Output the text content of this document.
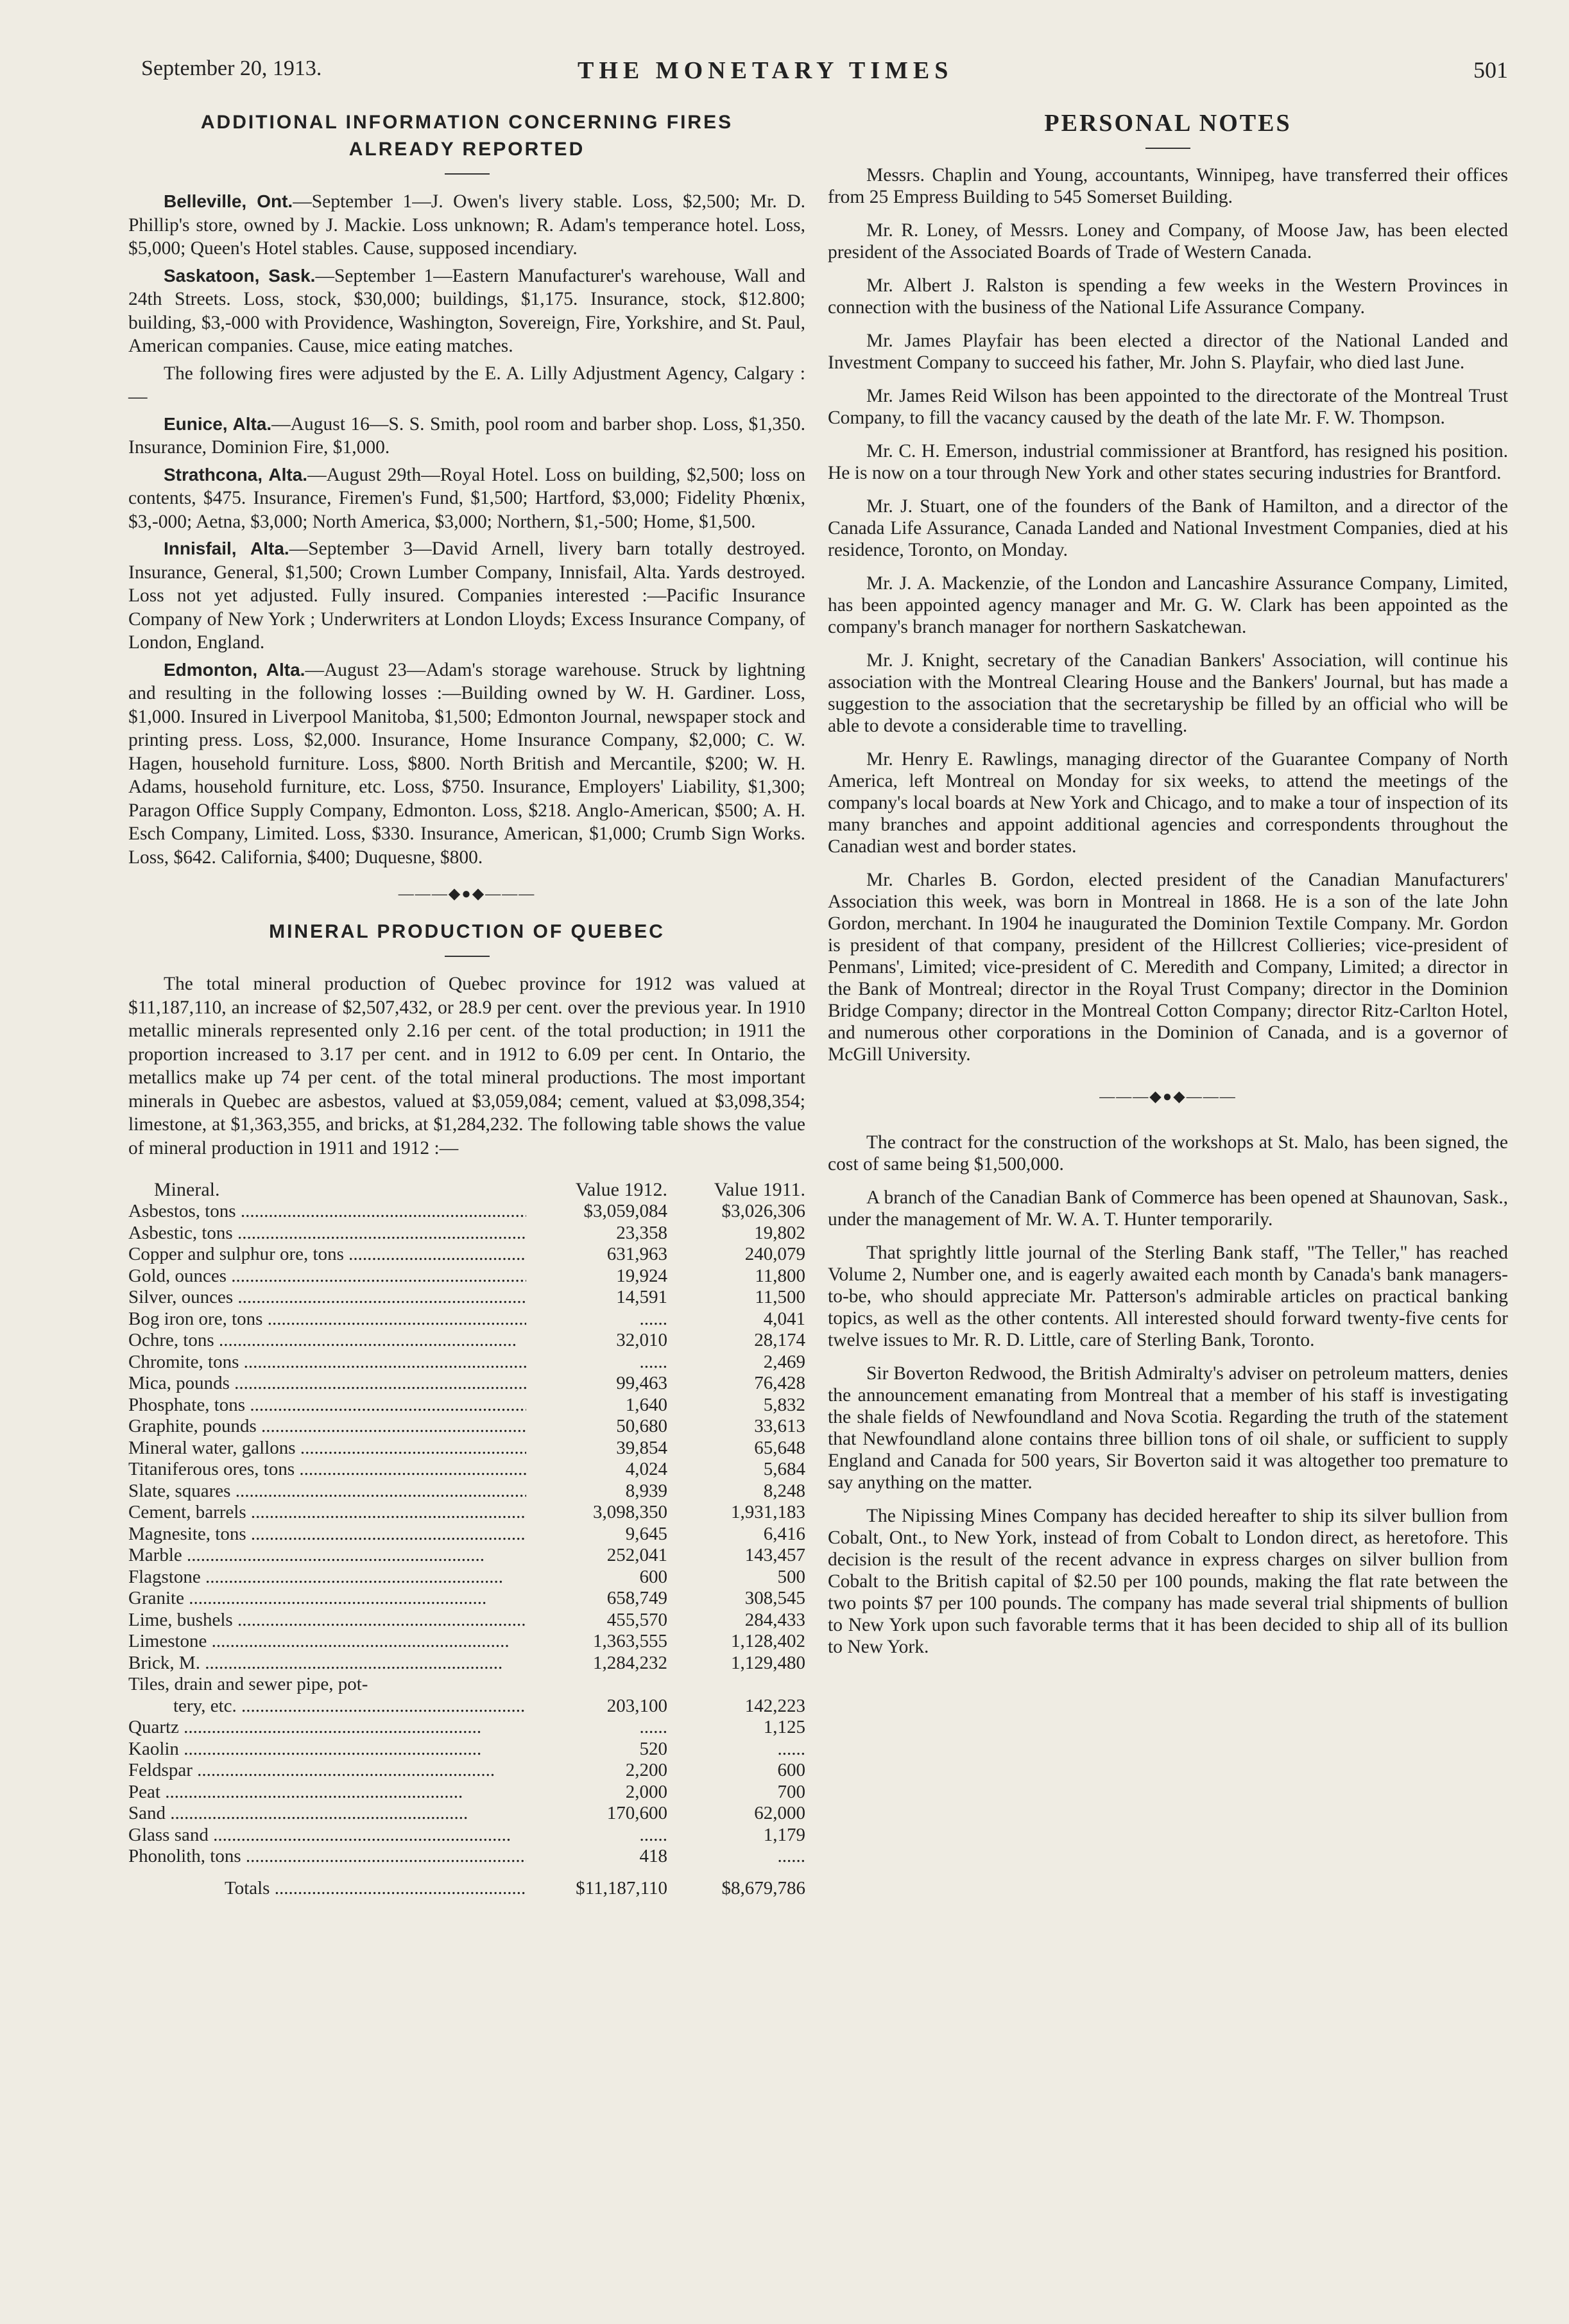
September 20, 1913.	THE MONETARY TIMES	501
ADDITIONAL INFORMATION CONCERNING FIRES
ALREADY REPORTED

Belleville, Ont.—September 1—J. Owen's livery stable. Loss, $2,500; Mr. D. Phillip's store, owned by J. Mackie. Loss unknown; R. Adam's temperance hotel. Loss, $5,000; Queen's Hotel stables. Cause, supposed incendiary.

Saskatoon, Sask.—September 1—Eastern Manufacturer's warehouse, Wall and 24th Streets. Loss, stock, $30,000; buildings, $1,175. Insurance, stock, $12.800; building, $3,-000 with Providence, Washington, Sovereign, Fire, Yorkshire, and St. Paul, American companies. Cause, mice eating matches.

The following fires were adjusted by the E. A. Lilly Adjustment Agency, Calgary :—

Eunice, Alta.—August 16—S. S. Smith, pool room and barber shop. Loss, $1,350. Insurance, Dominion Fire, $1,000.

Strathcona, Alta.—August 29th—Royal Hotel. Loss on building, $2,500; loss on contents, $475. Insurance, Firemen's Fund, $1,500; Hartford, $3,000; Fidelity Phœnix, $3,-000; Aetna, $3,000; North America, $3,000; Northern, $1,-500; Home, $1,500.

Innisfail, Alta.—September 3—David Arnell, livery barn totally destroyed. Insurance, General, $1,500; Crown Lumber Company, Innisfail, Alta. Yards destroyed. Loss not yet adjusted. Fully insured. Companies interested :—Pacific Insurance Company of New York ; Underwriters at London Lloyds; Excess Insurance Company, of London, England.

Edmonton, Alta.—August 23—Adam's storage warehouse. Struck by lightning and resulting in the following losses :—Building owned by W. H. Gardiner. Loss, $1,000. Insured in Liverpool Manitoba, $1,500; Edmonton Journal, newspaper stock and printing press. Loss, $2,000. Insurance, Home Insurance Company, $2,000; C. W. Hagen, household furniture. Loss, $800. North British and Mercantile, $200; W. H. Adams, household furniture, etc. Loss, $750. Insurance, Employers' Liability, $1,300; Paragon Office Supply Company, Edmonton. Loss, $218. Anglo-American, $500; A. H. Esch Company, Limited. Loss, $330. Insurance, American, $1,000; Crumb Sign Works. Loss, $642. California, $400; Duquesne, $800.

———◆●◆———
MINERAL PRODUCTION OF QUEBEC

The total mineral production of Quebec province for 1912 was valued at $11,187,110, an increase of $2,507,432, or 28.9 per cent. over the previous year. In 1910 metallic minerals represented only 2.16 per cent. of the total production; in 1911 the proportion increased to 3.17 per cent. and in 1912 to 6.09 per cent. In Ontario, the metallics make up 74 per cent. of the total mineral productions. The most important minerals in Quebec are asbestos, valued at $3,059,084; cement, valued at $3,098,354; limestone, at $1,363,355, and bricks, at $1,284,232. The following table shows the value of mineral production in 1911 and 1912 :—

Mineral.	Value 1912.	Value 1911.
Asbestos, tons .....	$3,059,084	$3,026,306
Asbestic, tons .....	23,358	19,802
Copper and sulphur ore, tons .....	631,963	240,079
Gold, ounces .....	19,924	11,800
Silver, ounces .....	14,591	11,500
Bog iron ore, tons .....	......	4,041
Ochre, tons .....	32,010	28,174
Chromite, tons .....	......	2,469
Mica, pounds .....	99,463	76,428
Phosphate, tons .....	1,640	5,832
Graphite, pounds .....	50,680	33,613
Mineral water, gallons .....	39,854	65,648
Titaniferous ores, tons .....	4,024	5,684
Slate, squares .....	8,939	8,248
Cement, barrels .....	3,098,350	1,931,183
Magnesite, tons .....	9,645	6,416
Marble .....	252,041	143,457
Flagstone .....	600	500
Granite .....	658,749	308,545
Lime, bushels .....	455,570	284,433
Limestone .....	1,363,555	1,128,402
Brick, M. .....	1,284,232	1,129,480
Tiles, drain and sewer pipe, pot-
tery, etc. .....	203,100	142,223
Quartz .....	......	1,125
Kaolin .....	520	......
Feldspar .....	2,200	600
Peat .....	2,000	700
Sand .....	170,600	62,000
Glass sand .....	......	1,179
Phonolith, tons .....	418	......
Totals .....	$11,187,110	$8,679,786
PERSONAL NOTES

Messrs. Chaplin and Young, accountants, Winnipeg, have transferred their offices from 25 Empress Building to 545 Somerset Building.

Mr. R. Loney, of Messrs. Loney and Company, of Moose Jaw, has been elected president of the Associated Boards of Trade of Western Canada.

Mr. Albert J. Ralston is spending a few weeks in the Western Provinces in connection with the business of the National Life Assurance Company.

Mr. James Playfair has been elected a director of the National Landed and Investment Company to succeed his father, Mr. John S. Playfair, who died last June.

Mr. James Reid Wilson has been appointed to the directorate of the Montreal Trust Company, to fill the vacancy caused by the death of the late Mr. F. W. Thompson.

Mr. C. H. Emerson, industrial commissioner at Brantford, has resigned his position. He is now on a tour through New York and other states securing industries for Brantford.

Mr. J. Stuart, one of the founders of the Bank of Hamilton, and a director of the Canada Life Assurance, Canada Landed and National Investment Companies, died at his residence, Toronto, on Monday.

Mr. J. A. Mackenzie, of the London and Lancashire Assurance Company, Limited, has been appointed agency manager and Mr. G. W. Clark has been appointed as the company's branch manager for northern Saskatchewan.

Mr. J. Knight, secretary of the Canadian Bankers' Association, will continue his association with the Montreal Clearing House and the Bankers' Journal, but has made a suggestion to the association that the secretaryship be filled by an official who will be able to devote a considerable time to travelling.

Mr. Henry E. Rawlings, managing director of the Guarantee Company of North America, left Montreal on Monday for six weeks, to attend the meetings of the company's local boards at New York and Chicago, and to make a tour of inspection of its many branches and appoint additional agencies and correspondents throughout the Canadian west and border states.

Mr. Charles B. Gordon, elected president of the Canadian Manufacturers' Association this week, was born in Montreal in 1868. He is a son of the late John Gordon, merchant. In 1904 he inaugurated the Dominion Textile Company. Mr. Gordon is president of that company, president of the Hillcrest Collieries; vice-president of Penmans', Limited; vice-president of C. Meredith and Company, Limited; a director in the Bank of Montreal; director in the Royal Trust Company; director in the Dominion Bridge Company; director in the Montreal Cotton Company; director Ritz-Carlton Hotel, and numerous other corporations in the Dominion of Canada, and is a governor of McGill University.

———◆●◆———

The contract for the construction of the workshops at St. Malo, has been signed, the cost of same being $1,500,000.

A branch of the Canadian Bank of Commerce has been opened at Shaunovan, Sask., under the management of Mr. W. A. T. Hunter temporarily.

That sprightly little journal of the Sterling Bank staff, "The Teller," has reached Volume 2, Number one, and is eagerly awaited each month by Canada's bank managers-to-be, who should appreciate Mr. Patterson's admirable articles on practical banking topics, as well as the other contents. All interested should forward twenty-five cents for twelve issues to Mr. R. D. Little, care of Sterling Bank, Toronto.

Sir Boverton Redwood, the British Admiralty's adviser on petroleum matters, denies the announcement emanating from Montreal that a member of his staff is investigating the shale fields of Newfoundland and Nova Scotia. Regarding the truth of the statement that Newfoundland alone contains three billion tons of oil shale, or sufficient to supply England and Canada for 500 years, Sir Boverton said it was altogether too premature to say anything on the matter.

The Nipissing Mines Company has decided hereafter to ship its silver bullion from Cobalt, Ont., to New York, instead of from Cobalt to London direct, as heretofore. This decision is the result of the recent advance in express charges on silver bullion from Cobalt to the British capital of $2.50 per 100 pounds, making the flat rate between the two points $7 per 100 pounds. The company has made several trial shipments of bullion to New York upon such favorable terms that it has been decided to ship all of its bullion to New York.
